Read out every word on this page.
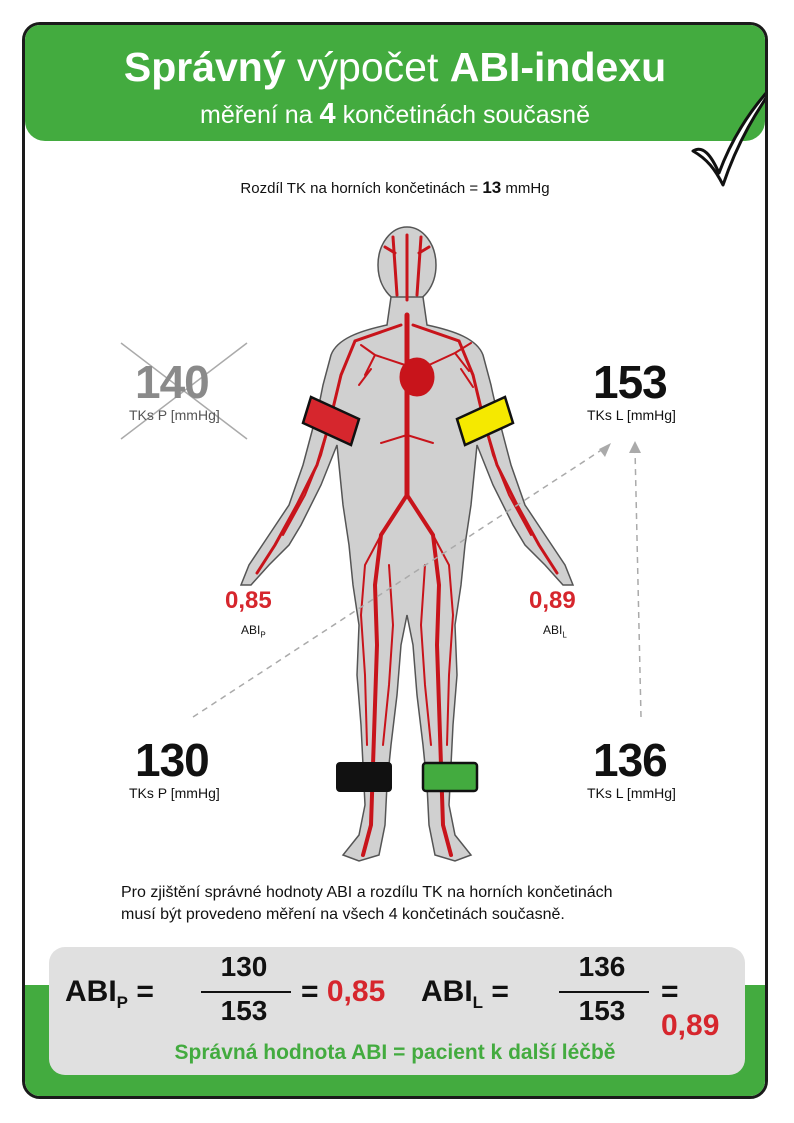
Správný výpočet ABI-indexu
měření na 4 končetinách současně
Rozdíl TK na horních končetinách = 13 mmHg
140
TKs P [mmHg]
153
TKs L [mmHg]
130
TKs P [mmHg]
136
TKs L [mmHg]
0,85
$ABI_P$
0,89
$ABI_L$
Pro zjištění správné hodnoty ABI a rozdílu TK na horních končetinách
musí být provedeno měření na všech 4 končetinách současně.
$ABI_P$ =
130
153
= 0,85 $ABI_L$ =
136
153
= 0,89
Správná hodnota ABI = pacient k další léčbě
